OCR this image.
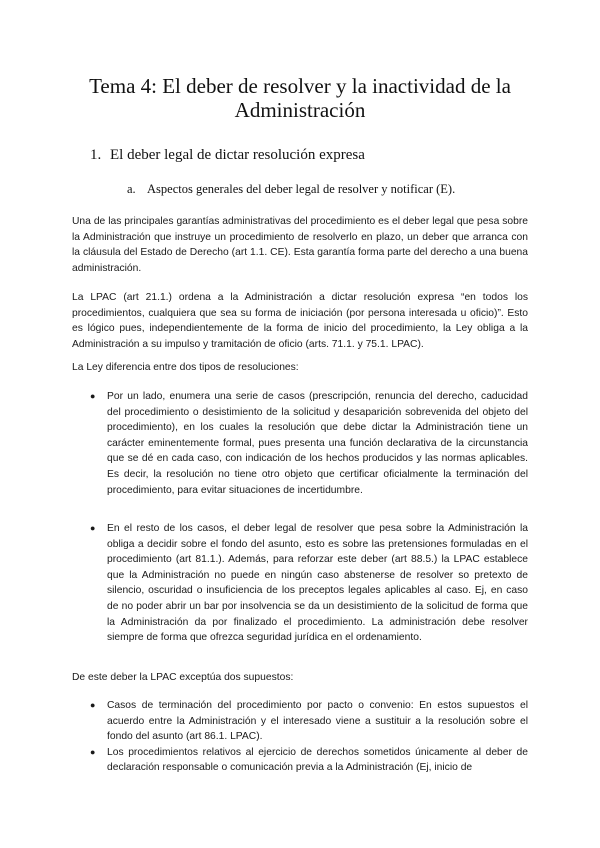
Tema 4: El deber de resolver y la inactividad de la Administración
1. El deber legal de dictar resolución expresa
a. Aspectos generales del deber legal de resolver y notificar (E).

Una de las principales garantías administrativas del procedimiento es el deber legal que pesa sobre la Administración que instruye un procedimiento de resolverlo en plazo, un deber que arranca con la cláusula del Estado de Derecho (art 1.1. CE). Esta garantía forma parte del derecho a una buena administración.

La LPAC (art 21.1.) ordena a la Administración a dictar resolución expresa “en todos los procedimientos, cualquiera que sea su forma de iniciación (por persona interesada u oficio)”. Esto es lógico pues, independientemente de la forma de inicio del procedimiento, la Ley obliga a la Administración a su impulso y tramitación de oficio (arts. 71.1. y 75.1. LPAC).

La Ley diferencia entre dos tipos de resoluciones:

● Por un lado, enumera una serie de casos (prescripción, renuncia del derecho, caducidad del procedimiento o desistimiento de la solicitud y desaparición sobrevenida del objeto del procedimiento), en los cuales la resolución que debe dictar la Administración tiene un carácter eminentemente formal, pues presenta una función declarativa de la circunstancia que se dé en cada caso, con indicación de los hechos producidos y las normas aplicables. Es decir, la resolución no tiene otro objeto que certificar oficialmente la terminación del procedimiento, para evitar situaciones de incertidumbre.
● En el resto de los casos, el deber legal de resolver que pesa sobre la Administración la obliga a decidir sobre el fondo del asunto, esto es sobre las pretensiones formuladas en el procedimiento (art 81.1.). Además, para reforzar este deber (art 88.5.) la LPAC establece que la Administración no puede en ningún caso abstenerse de resolver so pretexto de silencio, oscuridad o insuficiencia de los preceptos legales aplicables al caso. Ej, en caso de no poder abrir un bar por insolvencia se da un desistimiento de la solicitud de forma que la Administración da por finalizado el procedimiento. La administración debe resolver siempre de forma que ofrezca seguridad jurídica en el ordenamiento.

De este deber la LPAC exceptúa dos supuestos:

● Casos de terminación del procedimiento por pacto o convenio: En estos supuestos el acuerdo entre la Administración y el interesado viene a sustituir a la resolución sobre el fondo del asunto (art 86.1. LPAC).
● Los procedimientos relativos al ejercicio de derechos sometidos únicamente al deber de declaración responsable o comunicación previa a la Administración (Ej, inicio de
